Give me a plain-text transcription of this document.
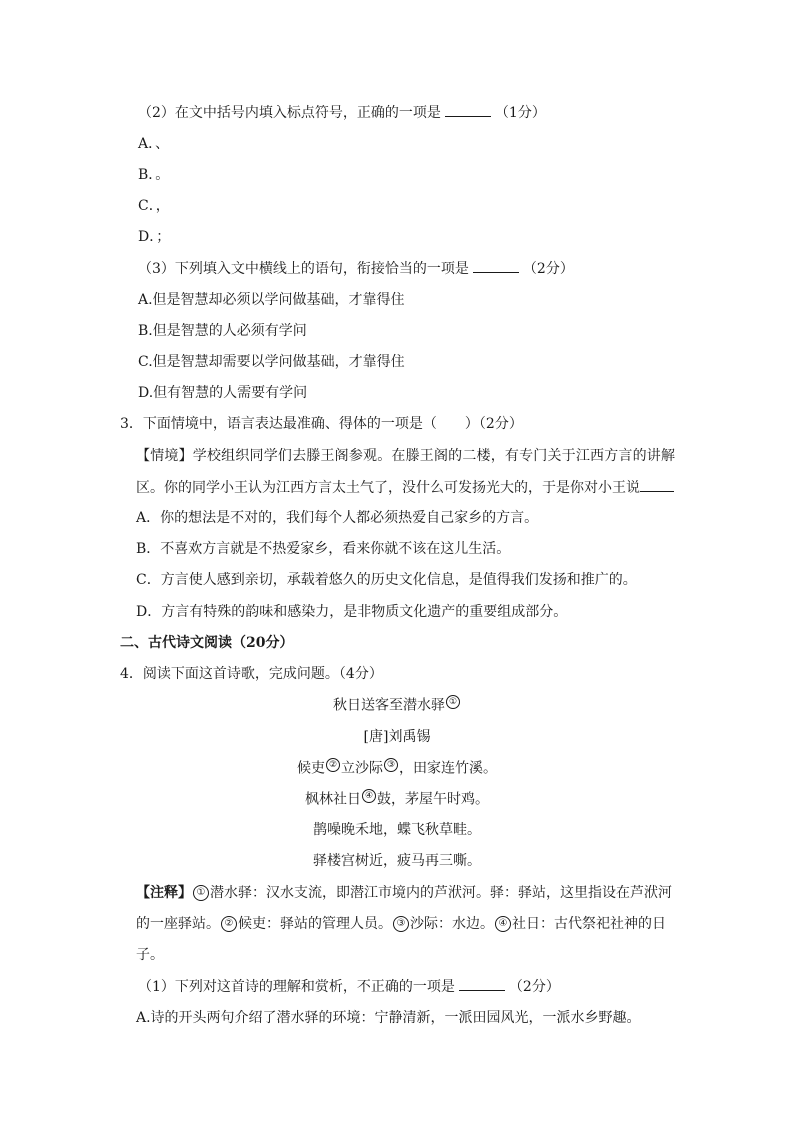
（2）在文中括号内填入标点符号，正确的一项是	（1分）
A．、
B．。
C．，
D．；
（3）下列填入文中横线上的语句，衔接恰当的一项是	（2分）
A.但是智慧却必须以学问做基础，才靠得住
B.但是智慧的人必须有学问
C.但是智慧却需要以学问做基础，才靠得住
D.但有智慧的人需要有学问
3．下面情境中，语言表达最准确、得体的一项是（　　）（2分）
【情境】学校组织同学们去滕王阁参观。在滕王阁的二楼，有专门关于江西方言的讲解
区。你的同学小王认为江西方言太土气了，没什么可发扬光大的，于是你对小王说
A．你的想法是不对的，我们每个人都必须热爱自己家乡的方言。
B．不喜欢方言就是不热爱家乡，看来你就不该在这儿生活。
C．方言使人感到亲切，承载着悠久的历史文化信息，是值得我们发扬和推广的。
D．方言有特殊的韵味和感染力，是非物质文化遗产的重要组成部分。
二、古代诗文阅读（20分）
4．阅读下面这首诗歌，完成问题。（4分）
秋日送客至潜水驿 ①
[唐]刘禹锡
候吏 ② 立沙际 ③ ，田家连竹溪。
枫林社日 ④ 鼓，茅屋午时鸡。
鹊噪晚禾地，蝶飞秋草畦。
驿楼宫树近，疲马再三嘶。
【注释】 ① 潜水驿：汉水支流，即潜江市境内的芦洑河。驿：驿站，这里指设在芦洑河
的一座驿站。 ② 候吏：驿站的管理人员。 ③ 沙际：水边。 ④ 社日：古代祭祀社神的日
子。
（1）下列对这首诗的理解和赏析，不正确的一项是	（2分）
A.诗的开头两句介绍了潜水驿的环境：宁静清新，一派田园风光，一派水乡野趣。
